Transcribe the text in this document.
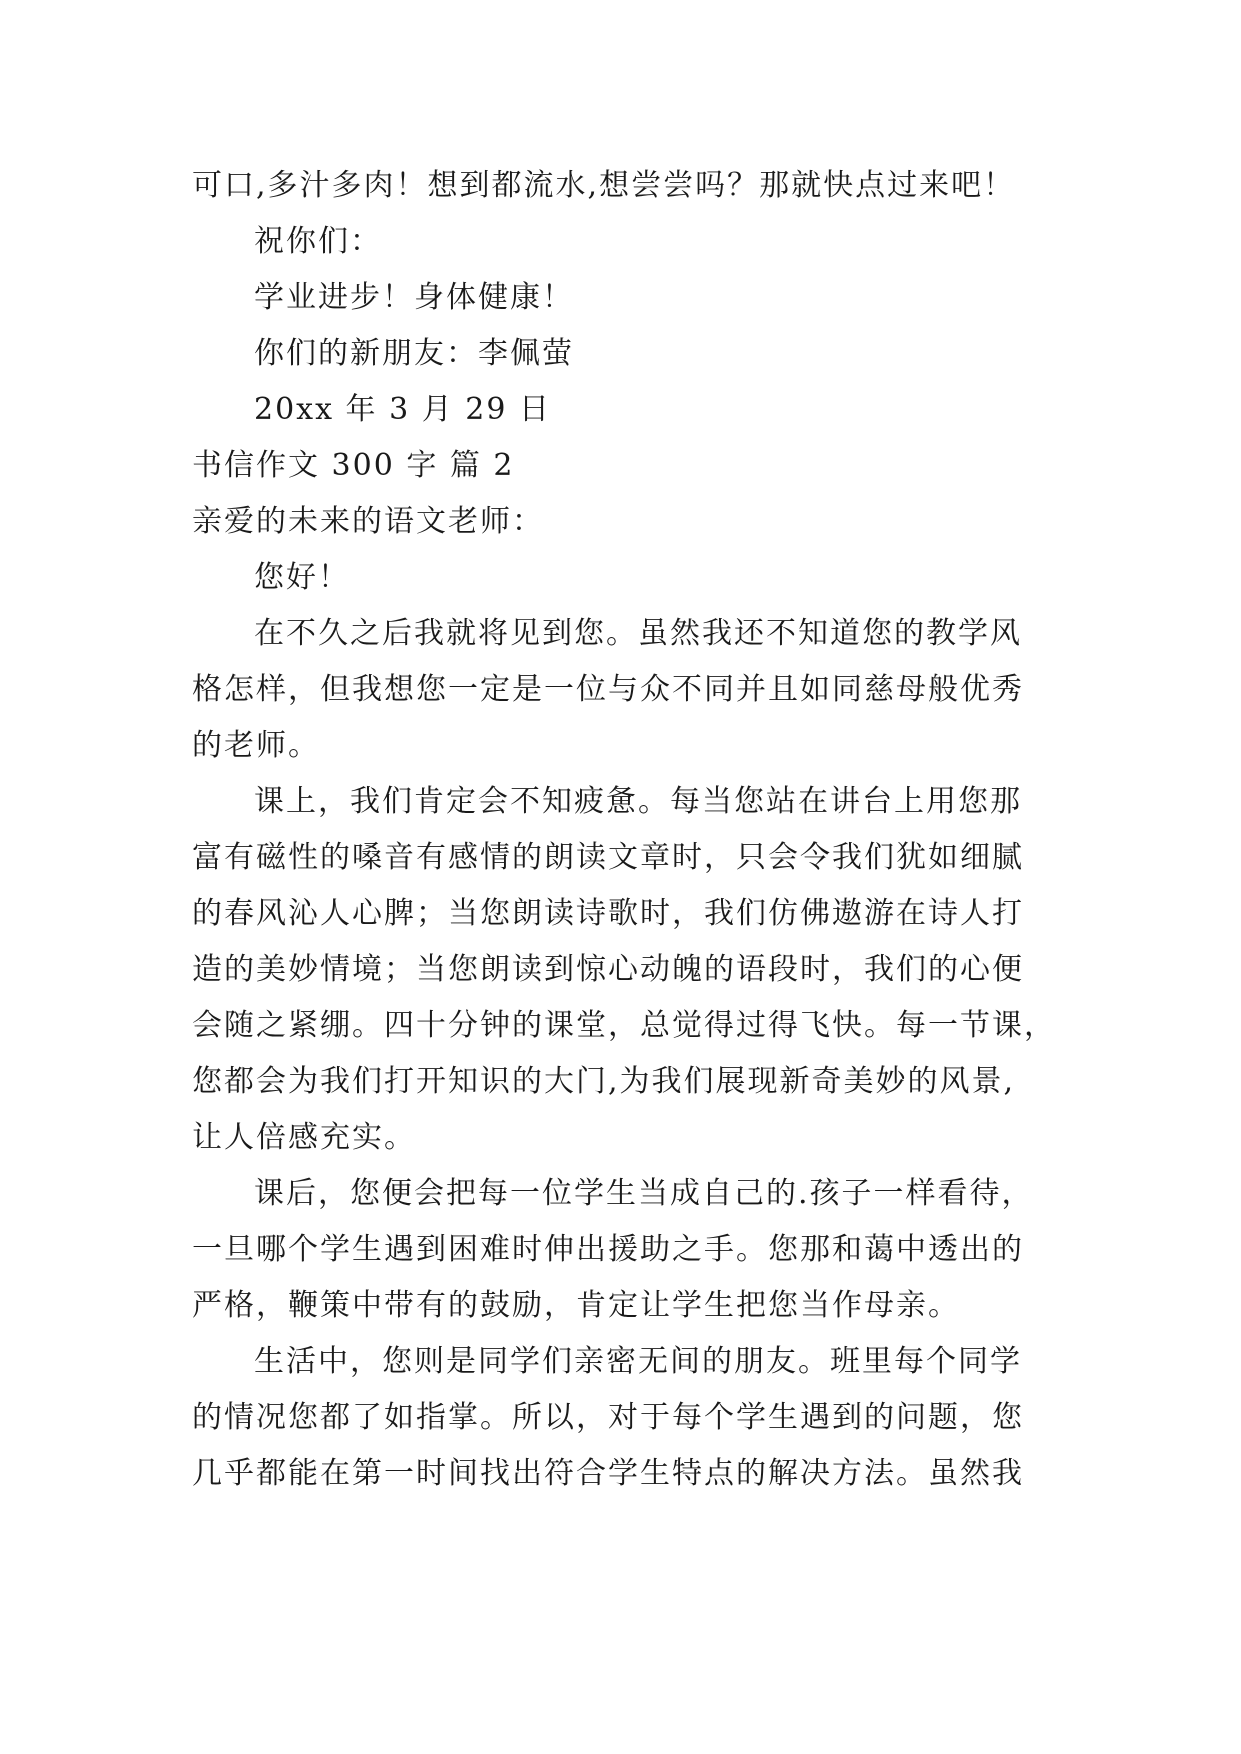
可口,多汁多肉！想到都流水,想尝尝吗？那就快点过来吧！
祝你们：
学业进步！身体健康！
你们的新朋友：李佩萤
20xx 年 3 月 29 日
书信作文 300 字 篇 2
亲爱的未来的语文老师：
您好！
在不久之后我就将见到您。虽然我还不知道您的教学风
格怎样，但我想您一定是一位与众不同并且如同慈母般优秀
的老师。
课上，我们肯定会不知疲惫。每当您站在讲台上用您那
富有磁性的嗓音有感情的朗读文章时，只会令我们犹如细腻
的春风沁人心脾；当您朗读诗歌时，我们仿佛遨游在诗人打
造的美妙情境；当您朗读到惊心动魄的语段时，我们的心便
会随之紧绷。四十分钟的课堂，总觉得过得飞快。每一节课，
您都会为我们打开知识的大门,为我们展现新奇美妙的风景,
让人倍感充实。
课后，您便会把每一位学生当成自己的.孩子一样看待，
一旦哪个学生遇到困难时伸出援助之手。您那和蔼中透出的
严格，鞭策中带有的鼓励，肯定让学生把您当作母亲。
生活中，您则是同学们亲密无间的朋友。班里每个同学
的情况您都了如指掌。所以，对于每个学生遇到的问题，您
几乎都能在第一时间找出符合学生特点的解决方法。虽然我
